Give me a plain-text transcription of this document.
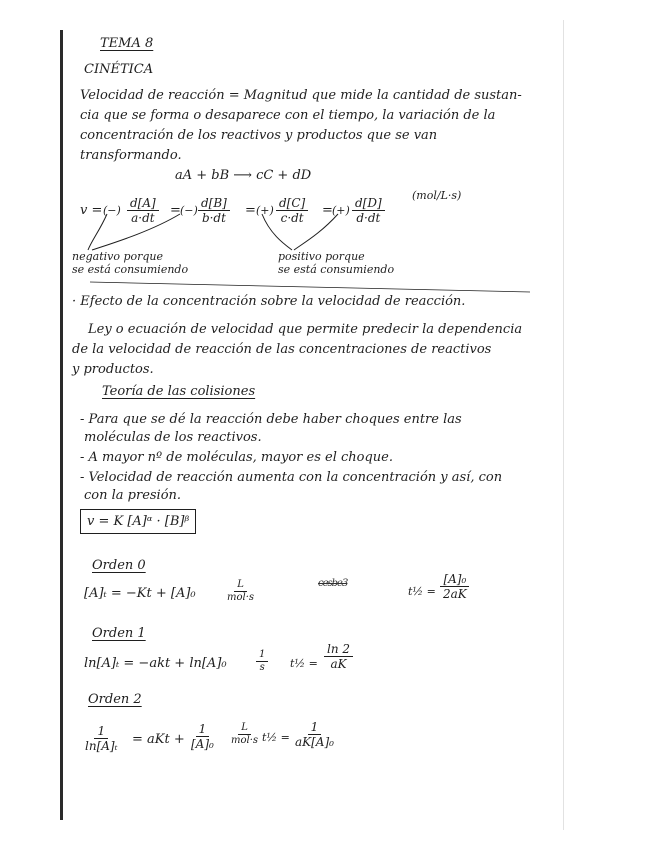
TEMA 8
CINÉTICA
Velocidad de reacción = Magnitud que mide la cantidad de sustan-
cia que se forma o desaparece con el tiempo, la variación de la
concentración de los reactivos y productos que se van
transformando.
aA + bB ⟶ cC + dD
v = (−) $\frac{d[A]}{a\cdot dt}$ = (−) $\frac{d[B]}{b\cdot dt}$ = (+) $\frac{d[C]}{c\cdot dt}$ = (+) $\frac{d[D]}{d\cdot dt}$
(mol/L·s)
negativo porque
se está consumiendo
positivo porque
se está consumiendo
· Efecto de la concentración sobre la velocidad de reacción.
Ley o ecuación de velocidad que permite predecir la dependencia
de la velocidad de reacción de las concentraciones de reactivos
y productos.
Teoría de las colisiones
- Para que se dé la reacción debe haber choques entre las
moléculas de los reactivos.
- A mayor nº de moléculas, mayor es el choque.
- Velocidad de reacción aumenta con la concentración y así, con
con la presión.
v = K [A]ᵅ · [B]ᵝ
Orden 0
[A]ₜ = −Kt + [A]₀
L
mol·s
cesbe3
t½ = $\frac{\text{[A]₀}}{2aK}$
Orden 1
ln[A]ₜ = −akt + ln[A]₀	$\frac{1}{s}$ t½ = $\frac{\ln 2}{aK}$
Orden 2
$\frac{1}{\text{ln[A]ₜ}}$ = aKt + $\frac{1}{\text{[A]₀}}$	L
mol·s t½ = $\frac{1}{\text{aK[A]₀}}$
